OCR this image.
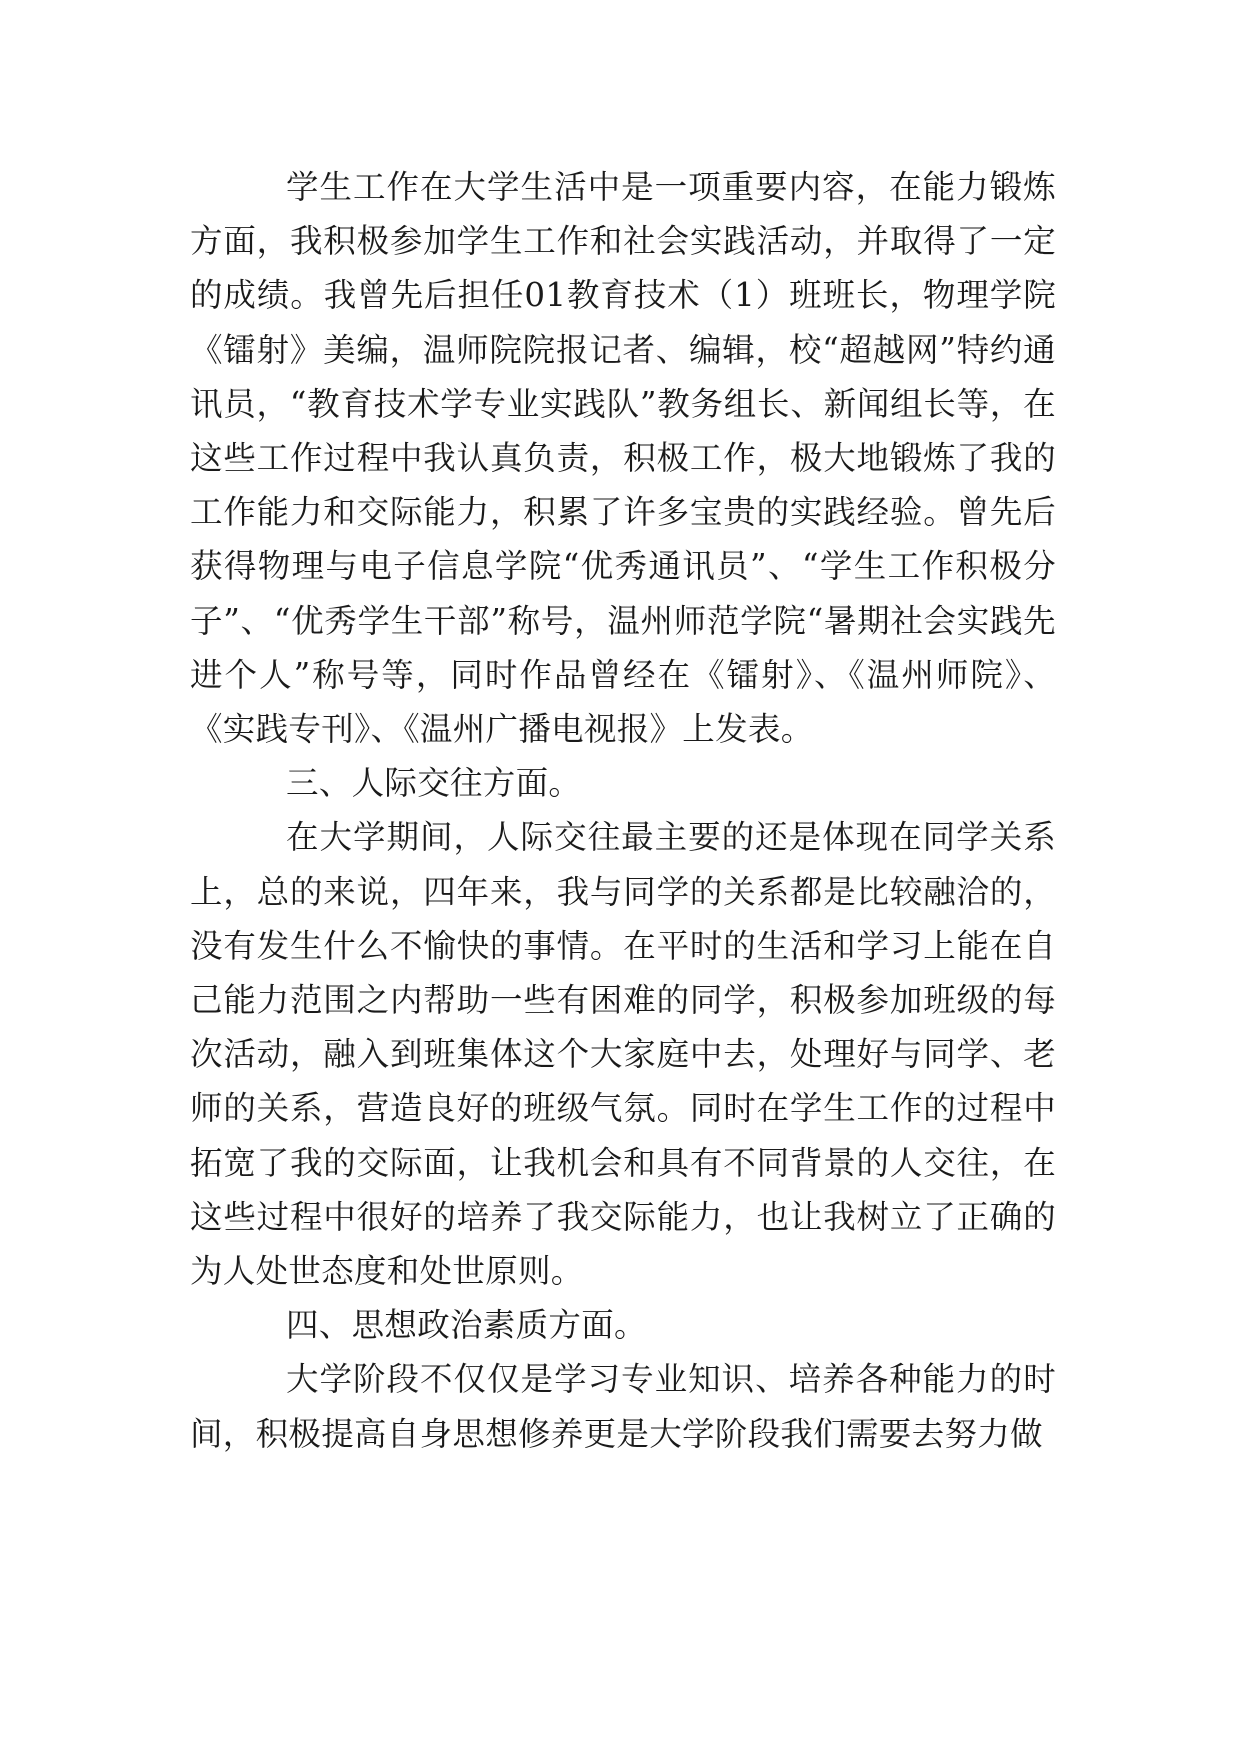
学生工作在大学生活中是一项重要内容，在能力锻炼方面，我积极参加学生工作和社会实践活动，并取得了一定的成绩。我曾先后担任01教育技术（1）班班长，物理学院《镭射》美编，温师院院报记者、编辑，校“超越网”特约通讯员，“教育技术学专业实践队”教务组长、新闻组长等，在这些工作过程中我认真负责，积极工作，极大地锻炼了我的工作能力和交际能力，积累了许多宝贵的实践经验。曾先后获得物理与电子信息学院“优秀通讯员”、“学生工作积极分子”、“优秀学生干部”称号，温州师范学院“暑期社会实践先进个人”称号等，同时作品曾经在《镭射》、《温州师院》、《实践专刊》、《温州广播电视报》上发表。

三、人际交往方面。

在大学期间，人际交往最主要的还是体现在同学关系上，总的来说，四年来，我与同学的关系都是比较融洽的，没有发生什么不愉快的事情。在平时的生活和学习上能在自己能力范围之内帮助一些有困难的同学，积极参加班级的每次活动，融入到班集体这个大家庭中去，处理好与同学、老师的关系，营造良好的班级气氛。同时在学生工作的过程中拓宽了我的交际面，让我机会和具有不同背景的人交往，在这些过程中很好的培养了我交际能力，也让我树立了正确的为人处世态度和处世原则。

四、思想政治素质方面。

大学阶段不仅仅是学习专业知识、培养各种能力的时间，积极提高自身思想修养更是大学阶段我们需要去努力做
